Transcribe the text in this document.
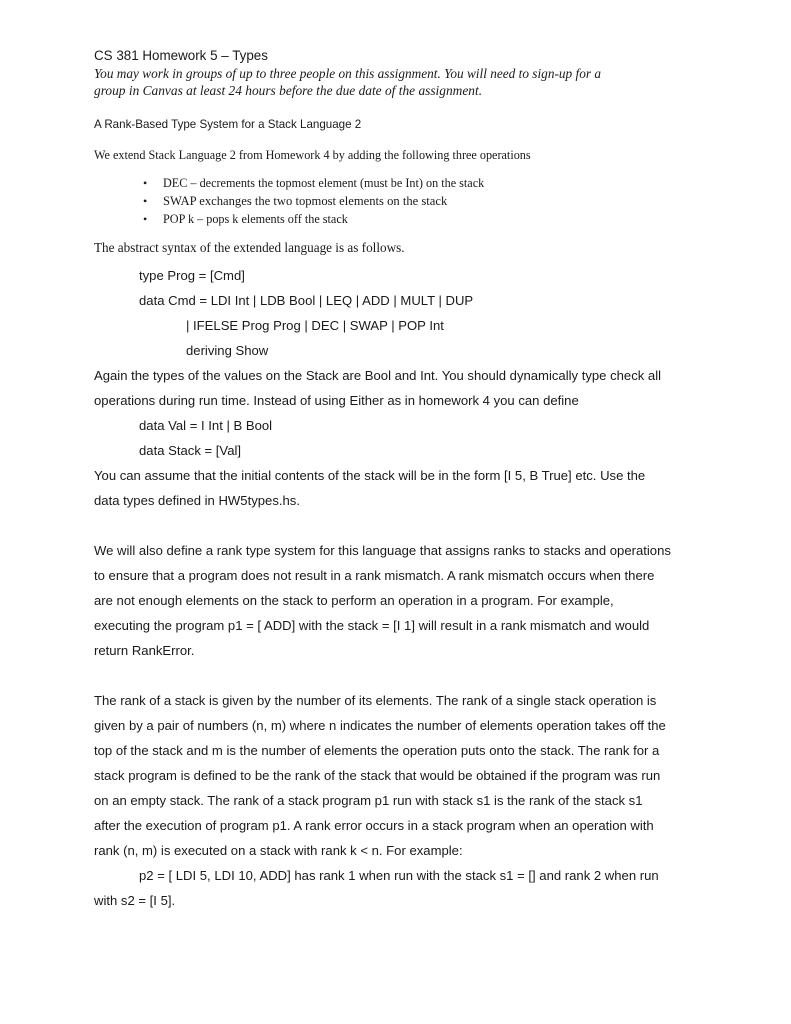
CS 381 Homework 5 – Types
You may work in groups of up to three people on this assignment. You will need to sign-up for a
group in Canvas at least 24 hours before the due date of the assignment.
A Rank-Based Type System for a Stack Language 2
We extend Stack Language 2 from Homework 4 by adding the following three operations
• DEC – decrements the topmost element (must be Int) on the stack
• SWAP exchanges the two topmost elements on the stack
• POP k – pops k elements off the stack
The abstract syntax of the extended language is as follows.
type Prog = [Cmd]
data Cmd = LDI Int | LDB Bool | LEQ | ADD | MULT | DUP
| IFELSE Prog Prog | DEC | SWAP | POP Int
deriving Show
Again the types of the values on the Stack are Bool and Int. You should dynamically type check all
operations during run time. Instead of using Either as in homework 4 you can define
data Val = I Int | B Bool
data Stack = [Val]
You can assume that the initial contents of the stack will be in the form [I 5, B True] etc. Use the
data types defined in HW5types.hs.
We will also define a rank type system for this language that assigns ranks to stacks and operations
to ensure that a program does not result in a rank mismatch. A rank mismatch occurs when there
are not enough elements on the stack to perform an operation in a program. For example,
executing the program p1 = [ ADD] with the stack = [I 1] will result in a rank mismatch and would
return RankError.
The rank of a stack is given by the number of its elements. The rank of a single stack operation is
given by a pair of numbers (n, m) where n indicates the number of elements operation takes off the
top of the stack and m is the number of elements the operation puts onto the stack. The rank for a
stack program is defined to be the rank of the stack that would be obtained if the program was run
on an empty stack. The rank of a stack program p1 run with stack s1 is the rank of the stack s1
after the execution of program p1. A rank error occurs in a stack program when an operation with
rank (n, m) is executed on a stack with rank k < n. For example:
p2 = [ LDI 5, LDI 10, ADD] has rank 1 when run with the stack s1 = [] and rank 2 when run
with s2 = [I 5].
